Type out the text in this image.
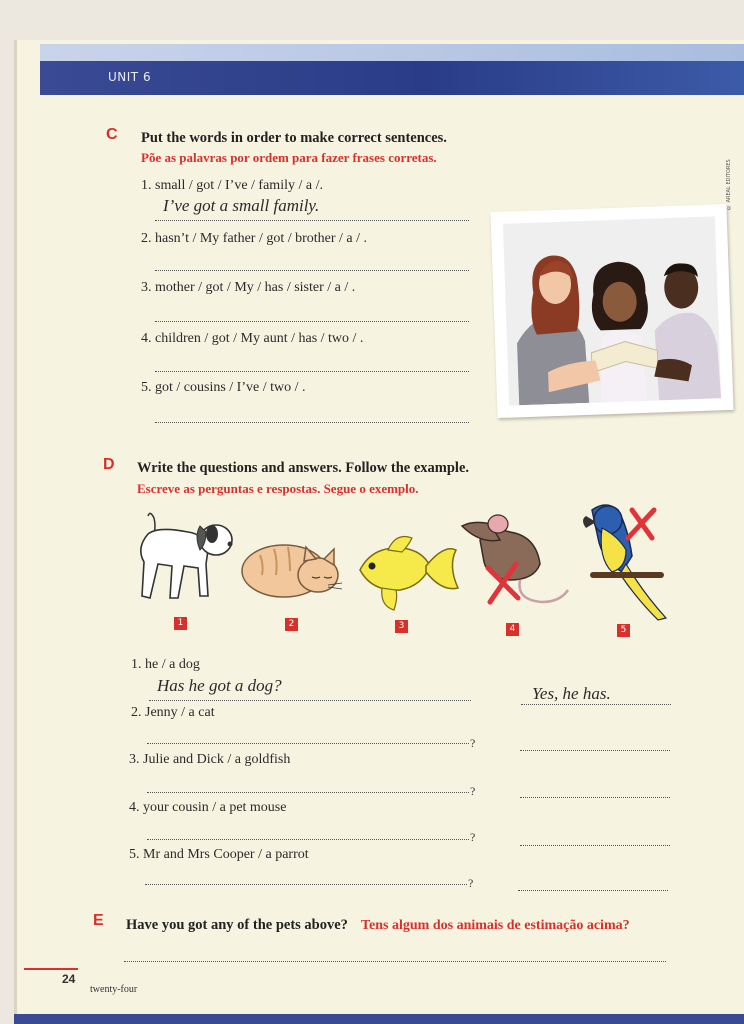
UNIT 6
© AREAL EDITORES
C Put the words in order to make correct sentences.
Põe as palavras por ordem para fazer frases corretas.
1. small / got / I’ve / family / a /.
I’ve got a small family.
2. hasn’t / My father / got / brother / a / .
3. mother / got / My / has / sister / a / .
4. children / got / My aunt / has / two / .
5. got / cousins / I’ve / two / .
D Write the questions and answers. Follow the example.
Escreve as perguntas e respostas. Segue o exemplo.
1	2	3	4	5
1. he / a dog
Has he got a dog?	Yes, he has.
2. Jenny / a cat
?
3. Julie and Dick / a goldfish
?
4. your cousin / a pet mouse
?
5. Mr and Mrs Cooper / a parrot
?
E Have you got any of the pets above? Tens algum dos animais de estimação acima?
24
twenty-four
